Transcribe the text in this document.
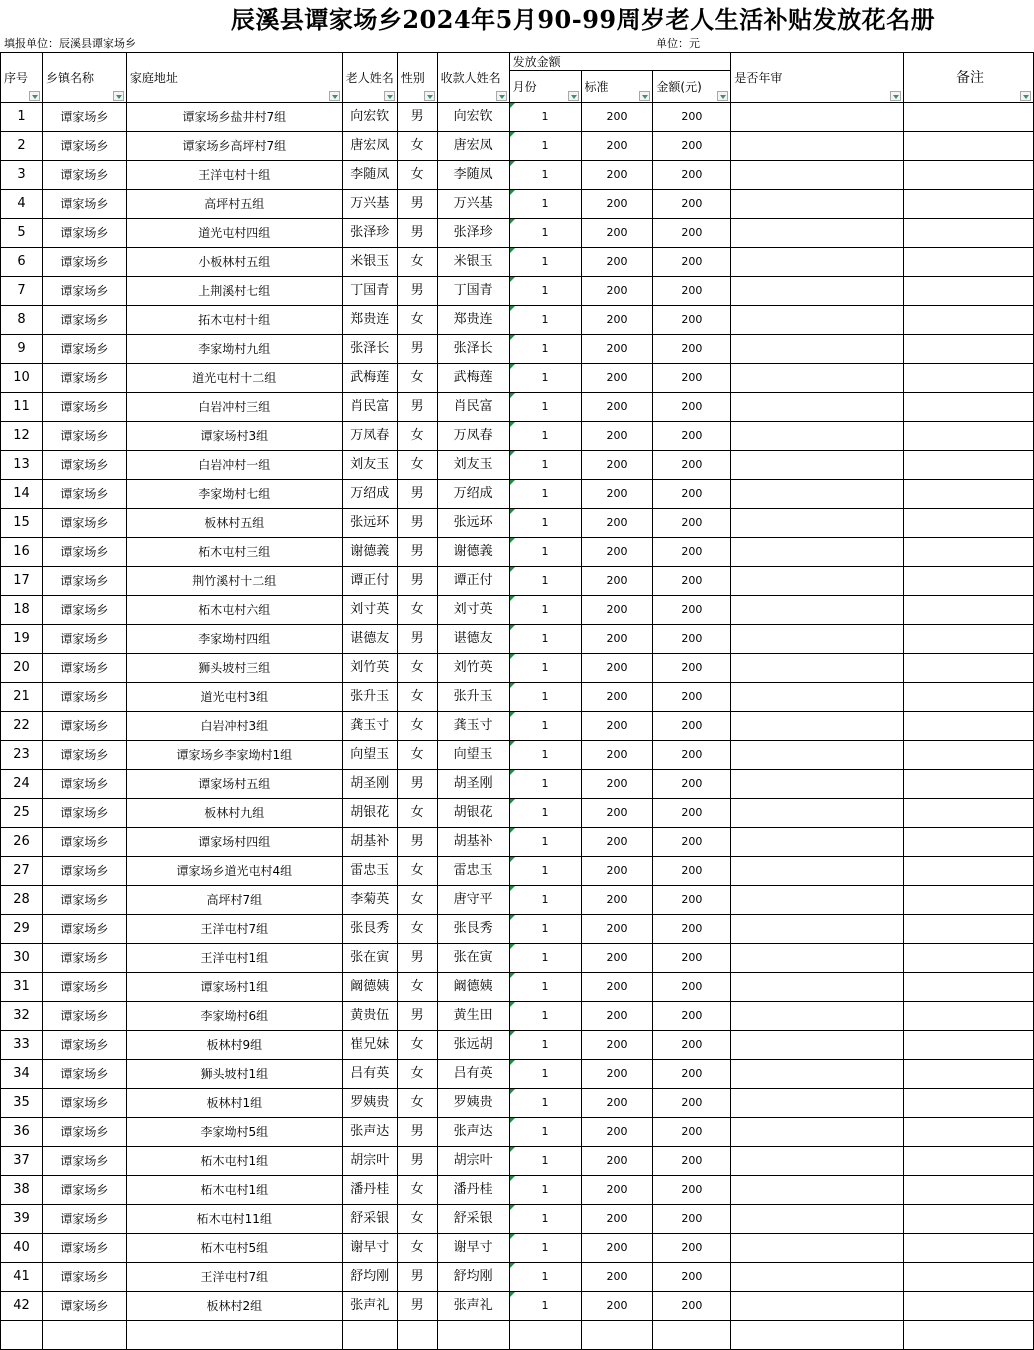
辰溪县谭家场乡2024年5月90-99周岁老人生活补贴发放花名册
填报单位：辰溪县谭家场乡	单位：元
序号	乡镇名称	家庭地址	老人姓名	性别	收款人姓名	发放金额			是否年审	备注

						月份	标准	金额(元)		

1	谭家场乡	谭家场乡盐井村7组	向宏钦	男	向宏钦	1	200	200		
2	谭家场乡	谭家场乡高坪村7组	唐宏凤	女	唐宏凤	1	200	200		
3	谭家场乡	王洋屯村十组	李随凤	女	李随凤	1	200	200		
4	谭家场乡	高坪村五组	万兴基	男	万兴基	1	200	200		
5	谭家场乡	道光屯村四组	张泽珍	男	张泽珍	1	200	200		
6	谭家场乡	小板林村五组	米银玉	女	米银玉	1	200	200		
7	谭家场乡	上荆溪村七组	丁国青	男	丁国青	1	200	200		
8	谭家场乡	拓木屯村十组	郑贵连	女	郑贵连	1	200	200		
9	谭家场乡	李家坳村九组	张泽长	男	张泽长	1	200	200		
10	谭家场乡	道光屯村十二组	武梅莲	女	武梅莲	1	200	200		
11	谭家场乡	白岩冲村三组	肖民富	男	肖民富	1	200	200		
12	谭家场乡	谭家场村3组	万凤春	女	万凤春	1	200	200		
13	谭家场乡	白岩冲村一组	刘友玉	女	刘友玉	1	200	200		
14	谭家场乡	李家坳村七组	万绍成	男	万绍成	1	200	200		
15	谭家场乡	板林村五组	张远环	男	张远环	1	200	200		
16	谭家场乡	柘木屯村三组	谢德義	男	谢德義	1	200	200		
17	谭家场乡	荆竹溪村十二组	谭正付	男	谭正付	1	200	200		
18	谭家场乡	柘木屯村六组	刘寸英	女	刘寸英	1	200	200		
19	谭家场乡	李家坳村四组	谌德友	男	谌德友	1	200	200		
20	谭家场乡	狮头坡村三组	刘竹英	女	刘竹英	1	200	200		
21	谭家场乡	道光屯村3组	张升玉	女	张升玉	1	200	200		
22	谭家场乡	白岩冲村3组	龚玉寸	女	龚玉寸	1	200	200		
23	谭家场乡	谭家场乡李家坳村1组	向望玉	女	向望玉	1	200	200		
24	谭家场乡	谭家场村五组	胡圣刚	男	胡圣刚	1	200	200		
25	谭家场乡	板林村九组	胡银花	女	胡银花	1	200	200		
26	谭家场乡	谭家场村四组	胡基补	男	胡基补	1	200	200		
27	谭家场乡	谭家场乡道光屯村4组	雷忠玉	女	雷忠玉	1	200	200		
28	谭家场乡	高坪村7组	李菊英	女	唐守平	1	200	200		
29	谭家场乡	王洋屯村7组	张艮秀	女	张艮秀	1	200	200		
30	谭家场乡	王洋屯村1组	张在寅	男	张在寅	1	200	200		
31	谭家场乡	谭家场村1组	阚德姨	女	阚德姨	1	200	200		
32	谭家场乡	李家坳村6组	黄贵伍	男	黄生田	1	200	200		
33	谭家场乡	板林村9组	崔兄妹	女	张远胡	1	200	200		
34	谭家场乡	狮头坡村1组	吕有英	女	吕有英	1	200	200		
35	谭家场乡	板林村1组	罗姨贵	女	罗姨贵	1	200	200		
36	谭家场乡	李家坳村5组	张声达	男	张声达	1	200	200		
37	谭家场乡	柘木屯村1组	胡宗叶	男	胡宗叶	1	200	200		
38	谭家场乡	柘木屯村1组	潘丹桂	女	潘丹桂	1	200	200		
39	谭家场乡	柘木屯村11组	舒采银	女	舒采银	1	200	200		
40	谭家场乡	柘木屯村5组	谢早寸	女	谢早寸	1	200	200		
41	谭家场乡	王洋屯村7组	舒均刚	男	舒均刚	1	200	200		
42	谭家场乡	板林村2组	张声礼	男	张声礼	1	200	200		
